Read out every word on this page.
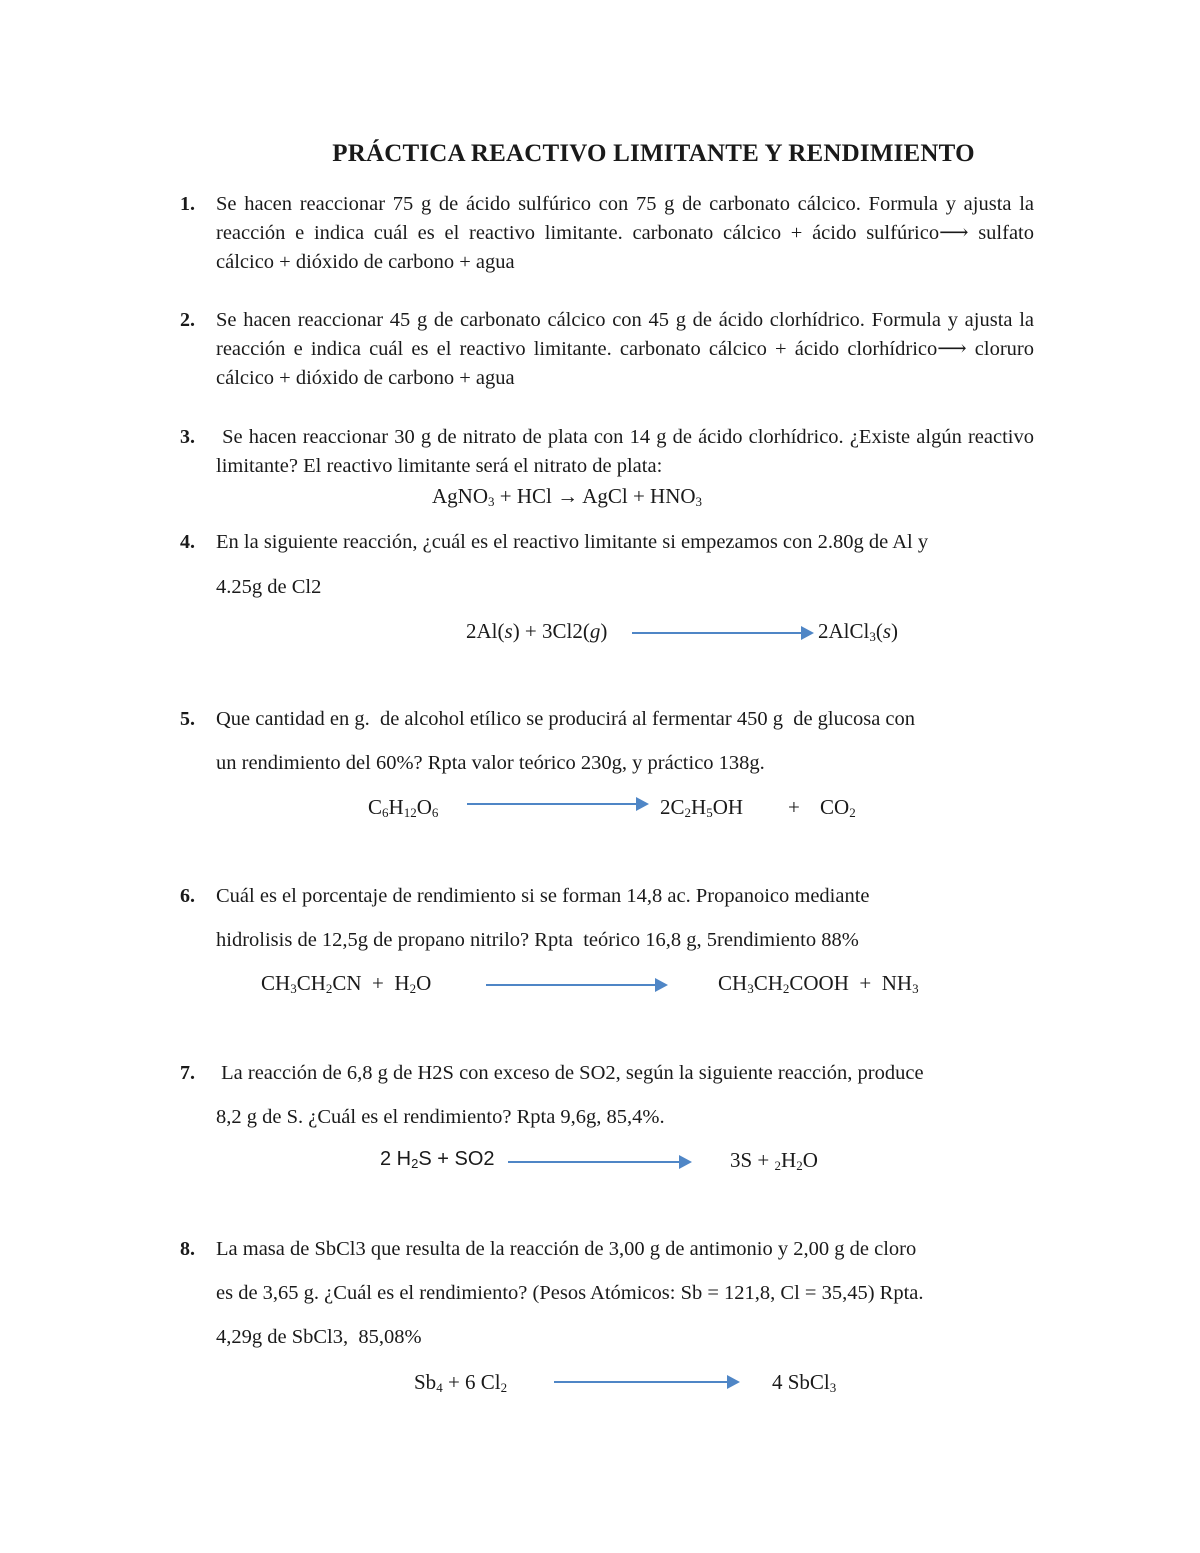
PRÁCTICA REACTIVO LIMITANTE Y RENDIMIENTO
1. Se hacen reaccionar 75 g de ácido sulfúrico con 75 g de carbonato cálcico. Formula y ajusta la reacción e indica cuál es el reactivo limitante. carbonato cálcico + ácido sulfúrico⟶ sulfato cálcico + dióxido de carbono + agua
2. Se hacen reaccionar 45 g de carbonato cálcico con 45 g de ácido clorhídrico. Formula y ajusta la reacción e indica cuál es el reactivo limitante. carbonato cálcico + ácido clorhídrico⟶ cloruro cálcico + dióxido de carbono + agua
3. Se hacen reaccionar 30 g de nitrato de plata con 14 g de ácido clorhídrico. ¿Existe algún reactivo limitante? El reactivo limitante será el nitrato de plata:
AgNO$_3$ + HCl → AgCl + $HNO_3$
4. En la siguiente reacción, ¿cuál es el reactivo limitante si empezamos con 2.80g de Al y
4.25g de Cl2
2Al(s) + 3Cl2(g)	2AlCl$_3$(s)
5. Que cantidad en g.  de alcohol etílico se producirá al fermentar 450 g  de glucosa con
un rendimiento del 60%? Rpta valor teórico 230g, y práctico 138g.
$C_6H_{12}O_6$	$2C_2H_5OH + CO_2$
6. Cuál es el porcentaje de rendimiento si se forman 14,8 ac. Propanoico mediante
hidrolisis de 12,5g de propano nitrilo? Rpta  teórico 16,8 g, 5rendimiento 88%
$CH_3CH_2CN + H_2O$	$CH_3CH_2COOH + NH_3$
7. La reacción de 6,8 g de H2S con exceso de SO2, según la siguiente reacción, produce
8,2 g de S. ¿Cuál es el rendimiento? Rpta 9,6g, 85,4%.
2 $H_2S + SO2$	$3S + _2H_2O$
8. La masa de SbCl3 que resulta de la reacción de 3,00 g de antimonio y 2,00 g de cloro
es de 3,65 g. ¿Cuál es el rendimiento? (Pesos Atómicos: Sb = 121,8, Cl = 35,45) Rpta.
4,29g de SbCl3,  85,08%
$Sb_4 + 6$ $Cl_2$	4 SbCl$_3$
